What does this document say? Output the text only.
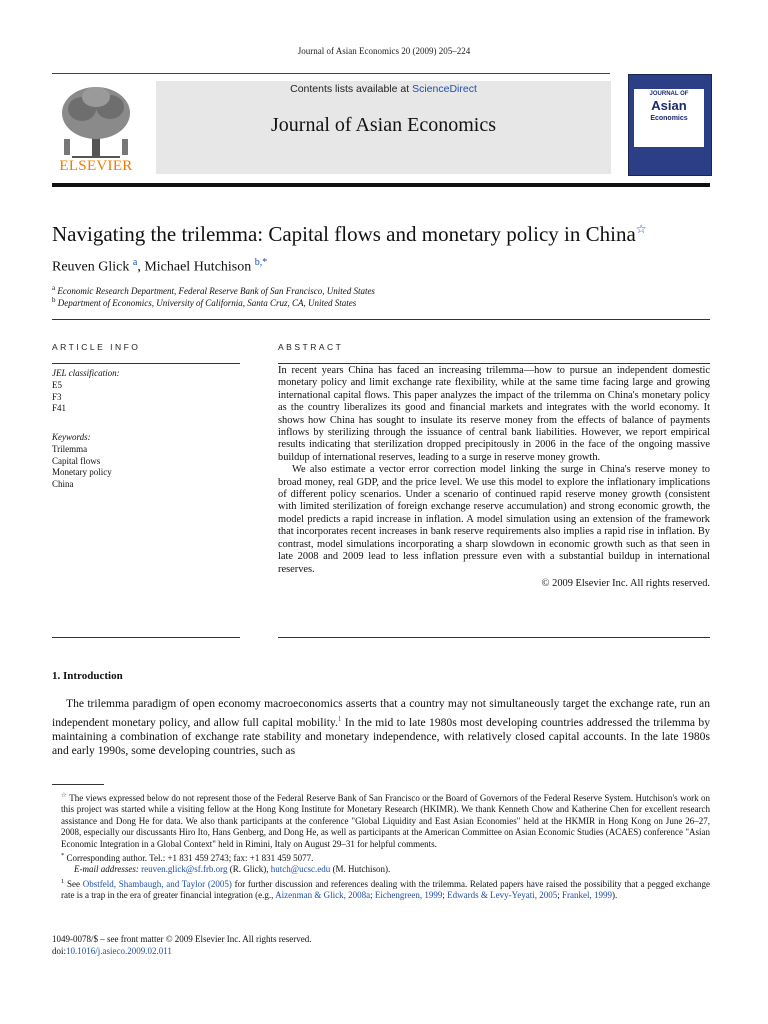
Journal of Asian Economics 20 (2009) 205–224
ELSEVIER
Contents lists available at ScienceDirect
Journal of Asian Economics
JOURNAL OF
Asian
Economics
Navigating the trilemma: Capital flows and monetary policy in China☆
Reuven Glick $^a$, Michael Hutchison $^{b,*}$
$^a$ Economic Research Department, Federal Reserve Bank of San Francisco, United States
$^b$ Department of Economics, University of California, Santa Cruz, CA, United States
ARTICLE INFO
JEL classification:
E5
F3
F41
Keywords:
Trilemma
Capital flows
Monetary policy
China
ABSTRACT

In recent years China has faced an increasing trilemma—how to pursue an independent domestic monetary policy and limit exchange rate flexibility, while at the same time facing large and growing international capital flows. This paper analyzes the impact of the trilemma on China's monetary policy as the country liberalizes its good and financial markets and integrates with the world economy. It shows how China has sought to insulate its reserve money from the effects of balance of payments inflows by sterilizing through the issuance of central bank liabilities. However, we report empirical results indicating that sterilization dropped precipitously in 2006 in the face of the ongoing massive buildup of international reserves, leading to a surge in reserve money growth.

We also estimate a vector error correction model linking the surge in China's reserve money to broad money, real GDP, and the price level. We use this model to explore the inflationary implications of different policy scenarios. Under a scenario of continued rapid reserve money growth (consistent with limited sterilization of foreign exchange reserve accumulation) and strong economic growth, the model predicts a rapid increase in inflation. A model simulation using an extension of the framework that incorporates recent increases in bank reserve requirements also implies a rapid rise in inflation. By contrast, model simulations incorporating a sharp slowdown in economic growth such as that seen in late 2008 and 2009 lead to less inflation pressure even with a substantial buildup in international reserves.

© 2009 Elsevier Inc. All rights reserved.

1. Introduction
The trilemma paradigm of open economy macroeconomics asserts that a country may not simultaneously target the exchange rate, run an independent monetary policy, and allow full capital mobility.$^1$ In the mid to late 1980s most developing countries addressed the trilemma by maintaining a combination of exchange rate stability and monetary independence, with relatively closed capital accounts. In the late 1980s and early 1990s, some developing countries, such as

☆ The views expressed below do not represent those of the Federal Reserve Bank of San Francisco or the Board of Governors of the Federal Reserve System. Hutchison's work on this project was started while a visiting fellow at the Hong Kong Institute for Monetary Research (HKIMR). We thank Kenneth Chow and Katherine Chen for excellent research assistance and Dong He for data. We also thank participants at the conference "Global Liquidity and East Asian Economies" held at the HKMIR in Hong Kong on June 26–27, 2008, especially our discussants Hiro Ito, Hans Genberg, and Dong He, as well as participants at the American Committee on Asian Economic Studies (ACAES) conference "Asian Economic Integration in a Global Context" held in Rimini, Italy on August 29–31 for helpful comments.

* Corresponding author. Tel.: +1 831 459 2743; fax: +1 831 459 5077.

E-mail addresses: reuven.glick@sf.frb.org (R. Glick), hutch@ucsc.edu (M. Hutchison).

$^1$ See Obstfeld, Shambaugh, and Taylor (2005) for further discussion and references dealing with the trilemma. Related papers have raised the possibility that a pegged exchange rate is a trap in the era of greater financial integration (e.g., Aizenman & Glick, 2008a; Eichengreen, 1999; Edwards & Levy-Yeyati, 2005; Frankel, 1999).

1049-0078/$ – see front matter © 2009 Elsevier Inc. All rights reserved.
doi:10.1016/j.asieco.2009.02.011
